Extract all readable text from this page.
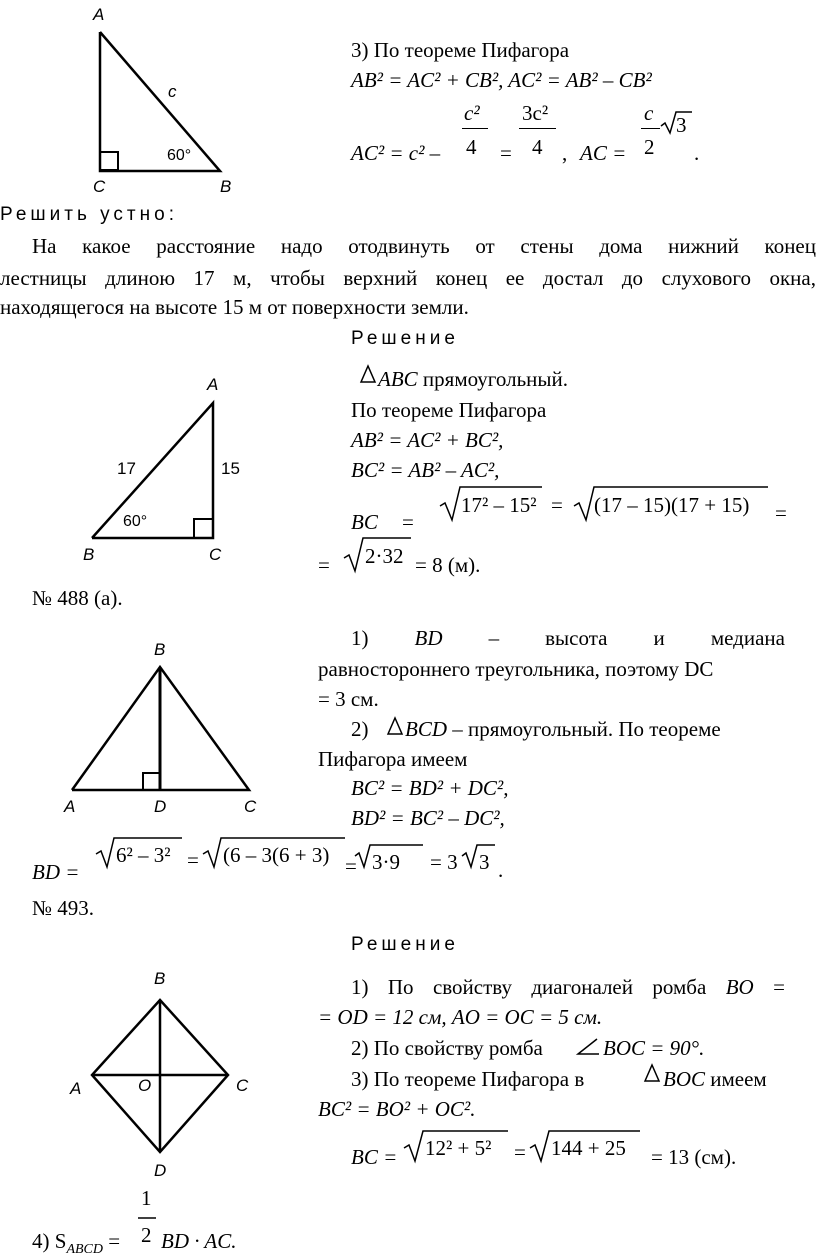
A
c
60°
C	B
3) По теореме Пифагора
AB² = AC² + CB², AC² = AB² – CB²
c² 3c²	c
AC² = c² – 4 = 4 , AC = 2
3
.
Решить устно:
На какое расстояние надо отодвинуть от стены дома нижний конец
лестницы длиною 17 м, чтобы верхний конец ее достал до слухового окна,
находящегося на высоте 15 м от поверхности земли.
A
17	15
60°
B	C
Решение
ABC прямоугольный.
По теореме Пифагора
AB² = AC² + BC²,
BC² = AB² – AC²,
BC =
17² – 15² = (17 – 15)(17 + 15) =
= 2·32 = 8 (м).
№ 488 (а).
1) BD – высота и медиана
равностороннего треугольника, поэтому DC
= 3 см.
2) BCD – прямоугольный. По теореме
Пифагора имеем
BC² = BD² + DC²,
BD² = BC² – DC²,
BD =
6² – 3² = (6 – 3(6 + 3) = 3·9 = 3 3 .
B
A	D	C
№ 493.
Решение
1) По свойству диагоналей ромба BO =
= OD = 12 см, AO = OC = 5 см.
2) По свойству ромба	BOC = 90°.
3) По теореме Пифагора в	BOC имеем
BC² = BO² + OC².
BC = 12² + 5² = 144 + 25 = 13 (см).
1
4) $S_{ABCD} = 2$ BD · AC.
B
A	O	C
D
